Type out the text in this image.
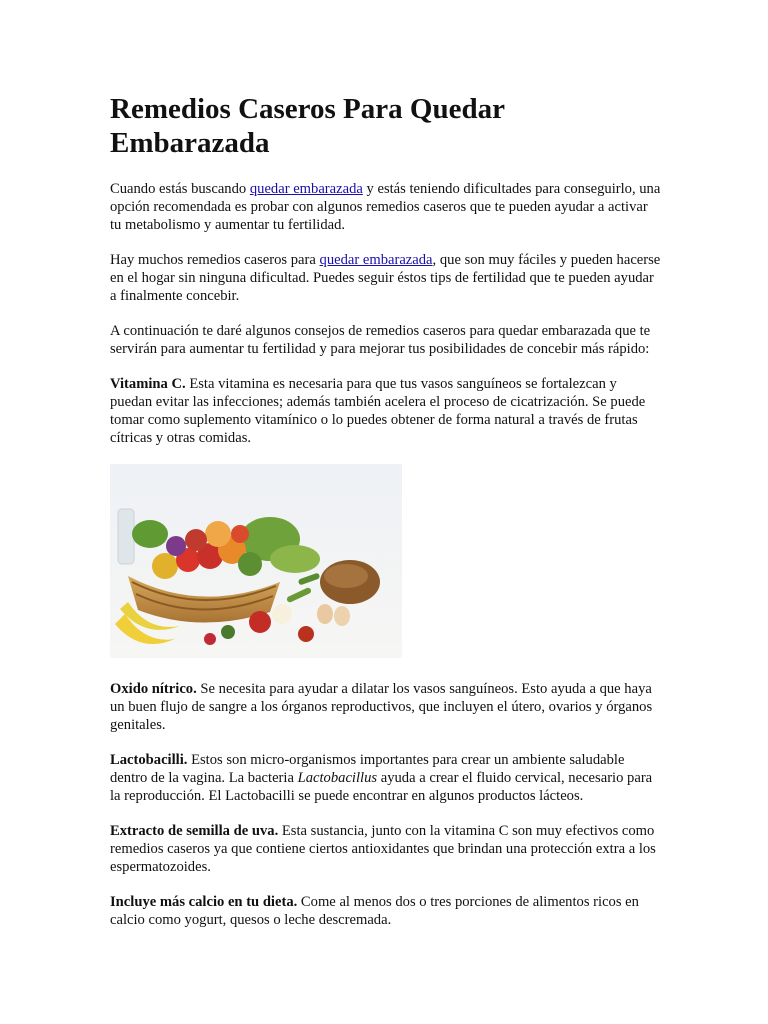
Remedios Caseros Para Quedar Embarazada

Cuando estás buscando quedar embarazada y estás teniendo dificultades para conseguirlo, una opción recomendada es probar con algunos remedios caseros que te pueden ayudar a activar tu metabolismo y aumentar tu fertilidad.

Hay muchos remedios caseros para quedar embarazada, que son muy fáciles y pueden hacerse en el hogar sin ninguna dificultad. Puedes seguir éstos tips de fertilidad que te pueden ayudar a finalmente concebir.

A continuación te daré algunos consejos de remedios caseros para quedar embarazada que te servirán para aumentar tu fertilidad y para mejorar tus posibilidades de concebir más rápido:

Vitamina C. Esta vitamina es necesaria para que tus vasos sanguíneos se fortalezcan y puedan evitar las infecciones; además también acelera el proceso de cicatrización. Se puede tomar como suplemento vitamínico o lo puedes obtener de forma natural a través de frutas cítricas y otras comidas.

Oxido nítrico. Se necesita para ayudar a dilatar los vasos sanguíneos. Esto ayuda a que haya un buen flujo de sangre a los órganos reproductivos, que incluyen el útero, ovarios y órganos genitales.

Lactobacilli. Estos son micro-organismos importantes para crear un ambiente saludable dentro de la vagina. La bacteria Lactobacillus ayuda a crear el fluido cervical, necesario para la reproducción. El Lactobacilli se puede encontrar en algunos productos lácteos.

Extracto de semilla de uva. Esta sustancia, junto con la vitamina C son muy efectivos como remedios caseros ya que contiene ciertos antioxidantes que brindan una protección extra a los espermatozoides.

Incluye más calcio en tu dieta. Come al menos dos o tres porciones de alimentos ricos en calcio como yogurt, quesos o leche descremada.
